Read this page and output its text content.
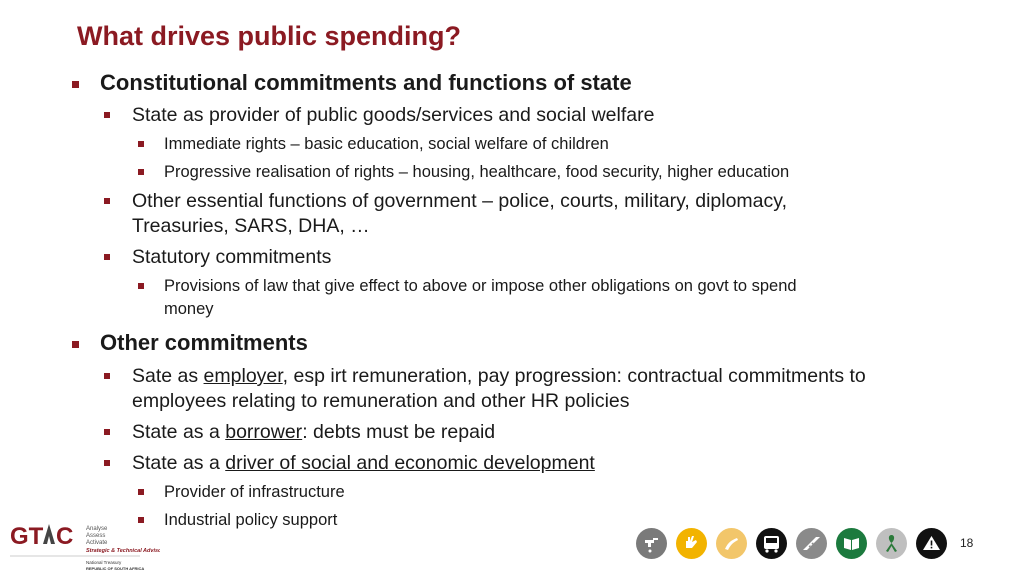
What drives public spending?
Constitutional commitments and functions of state
State as provider of public goods/services and social welfare
Immediate rights – basic education, social welfare of children
Progressive realisation of rights – housing, healthcare, food security, higher education
Other essential functions of government – police, courts, military, diplomacy,
Treasuries, SARS, DHA, …
Statutory commitments
Provisions of law that give effect to above or impose other obligations on govt to spend
money
Other commitments
Sate as employer, esp irt remuneration, pay progression: contractual commitments to
employees relating to remuneration and other HR policies
State as a borrower: debts must be repaid
State as a driver of social and economic development
Provider of infrastructure
Industrial policy support
GT C Analyse
Assess
Activate
Strategic & Technical Advisory
National Treasury
REPUBLIC OF SOUTH AFRICA
18
